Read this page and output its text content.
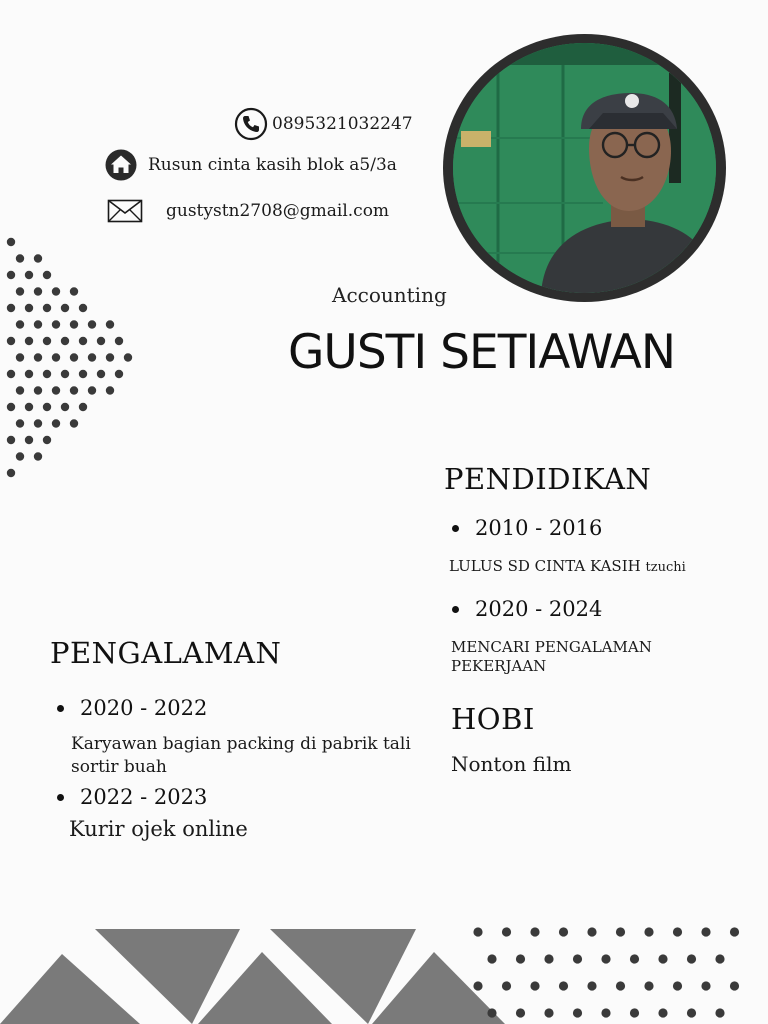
0895321032247
Rusun cinta kasih blok a5/3a
gustystn2708@gmail.com
Accounting
GUSTI SETIAWAN
PENDIDIKAN
2010 - 2016
LULUS SD CINTA KASIH tzuchi
2020 - 2024
MENCARI PENGALAMAN PEKERJAAN
HOBI
Nonton film
PENGALAMAN
2020 - 2022
Karyawan bagian packing di pabrik tali sortir buah
2022 - 2023
Kurir ojek online
